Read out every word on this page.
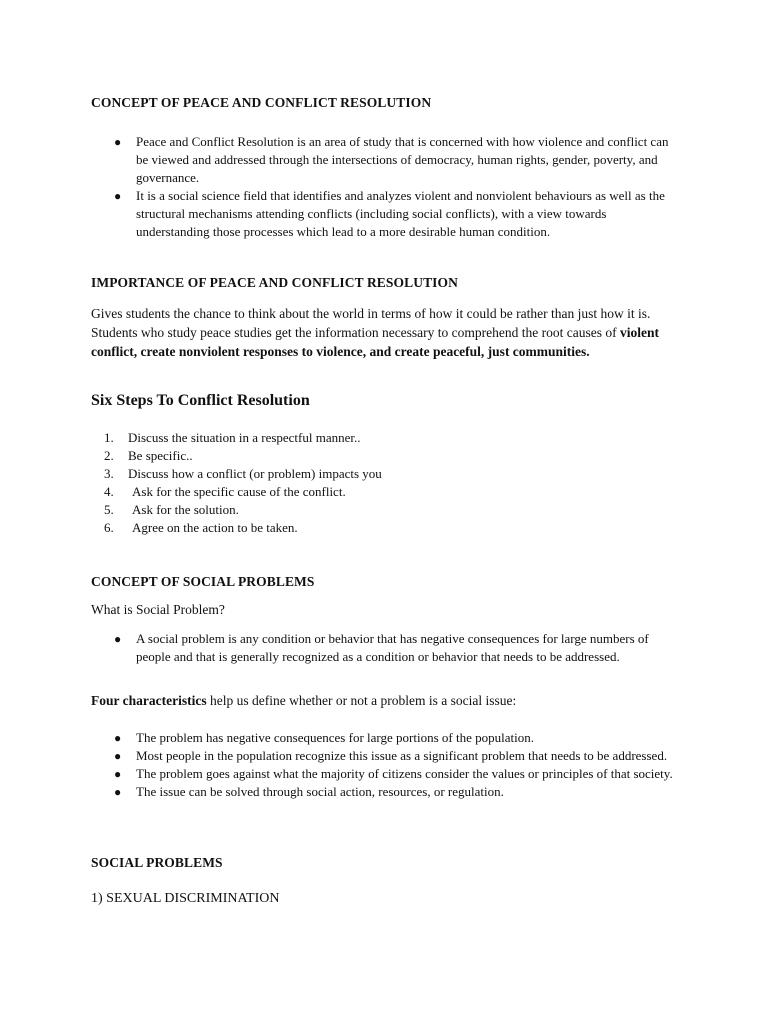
CONCEPT OF PEACE AND CONFLICT RESOLUTION
● Peace and Conflict Resolution is an area of study that is concerned with how violence and conflict can be viewed and addressed through the intersections of democracy, human rights, gender, poverty, and governance.
● It is a social science field that identifies and analyzes violent and nonviolent behaviours as well as the structural mechanisms attending conflicts (including social conflicts), with a view towards understanding those processes which lead to a more desirable human condition.
IMPORTANCE OF PEACE AND CONFLICT RESOLUTION
Gives students the chance to think about the world in terms of how it could be rather than just how it is. Students who study peace studies get the information necessary to comprehend the root causes of violent conflict, create nonviolent responses to violence, and create peaceful, just communities.
Six Steps To Conflict Resolution
1. Discuss the situation in a respectful manner..
2. Be specific..
3. Discuss how a conflict (or problem) impacts you
4. Ask for the specific cause of the conflict.
5. Ask for the solution.
6. Agree on the action to be taken.
CONCEPT OF SOCIAL PROBLEMS
What is Social Problem?
● A social problem is any condition or behavior that has negative consequences for large numbers of people and that is generally recognized as a condition or behavior that needs to be addressed.
Four characteristics help us define whether or not a problem is a social issue:
● The problem has negative consequences for large portions of the population.
● Most people in the population recognize this issue as a significant problem that needs to be addressed.
● The problem goes against what the majority of citizens consider the values or principles of that society.
● The issue can be solved through social action, resources, or regulation.
SOCIAL PROBLEMS
1) SEXUAL DISCRIMINATION
